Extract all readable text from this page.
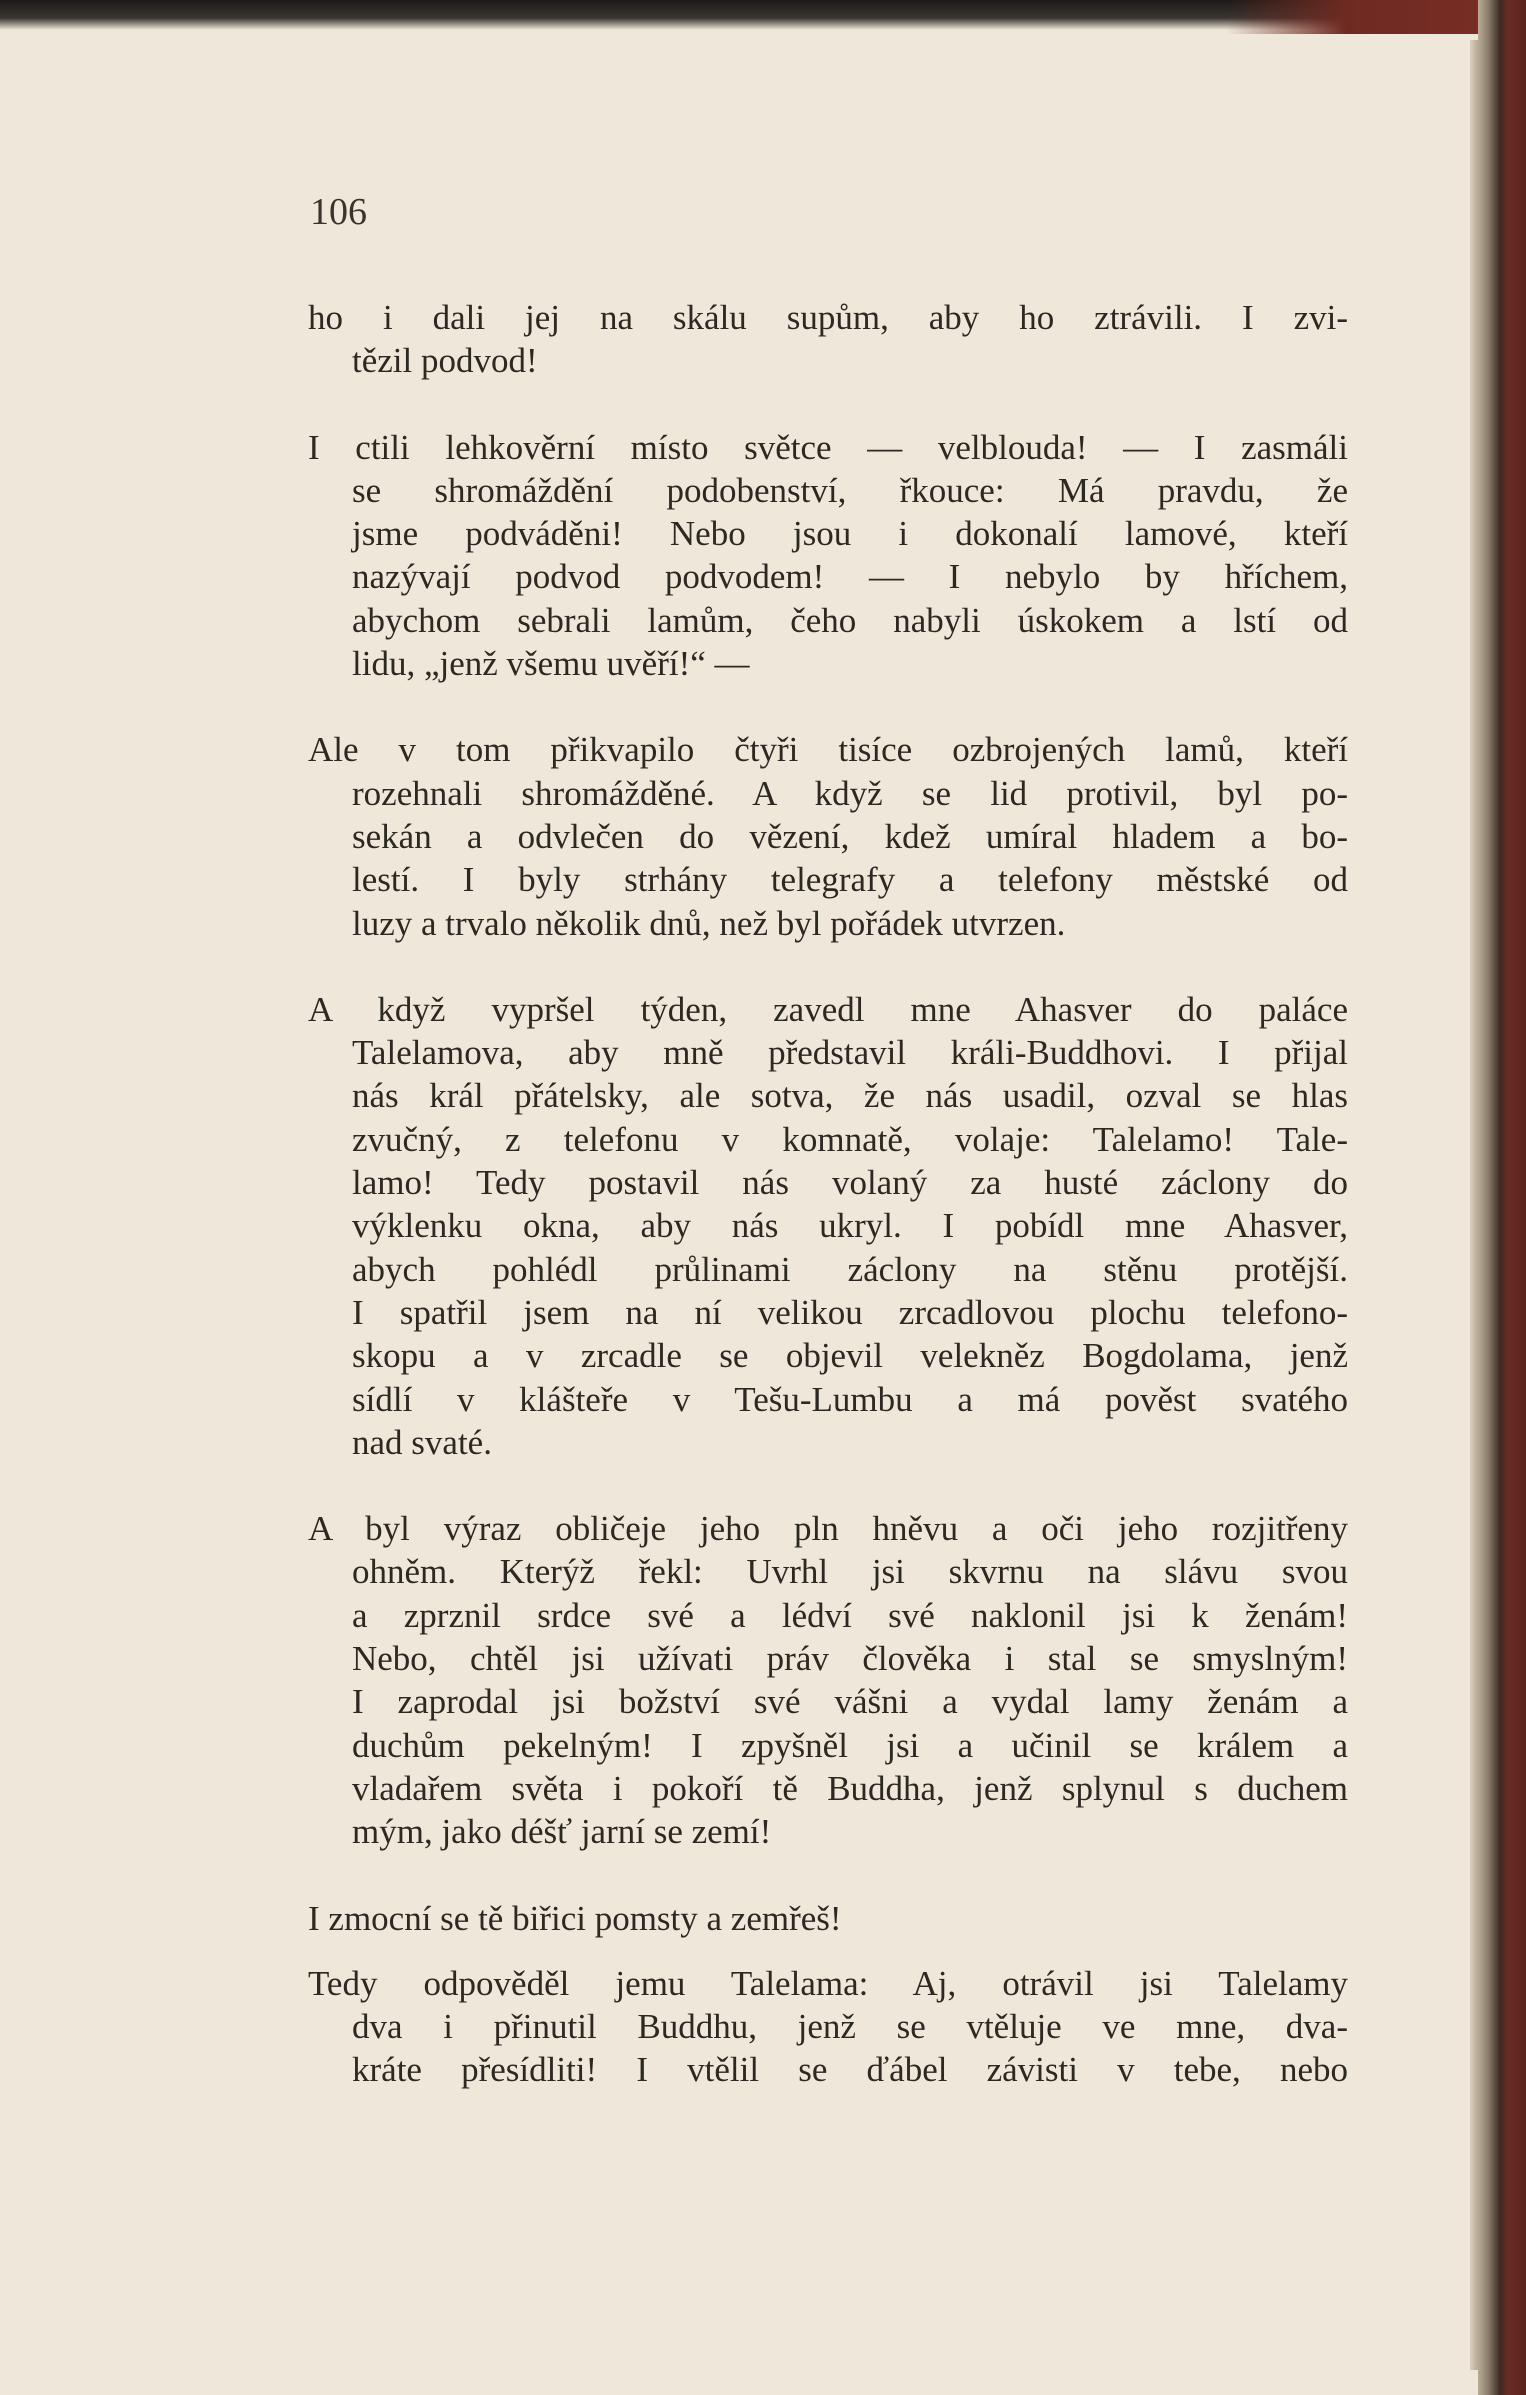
106

ho i dali jej na skálu supům, aby ho ztrávili. I zvi-
tězil podvod!

I ctili lehkověrní místo světce — velblouda! — I zasmáli
se shromáždění podobenství, řkouce: Má pravdu, že
jsme podváděni! Nebo jsou i dokonalí lamové, kteří
nazývají podvod podvodem! — I nebylo by hříchem,
abychom sebrali lamům, čeho nabyli úskokem a lstí od
lidu, „jenž všemu uvěří!“ —

Ale v tom přikvapilo čtyři tisíce ozbrojených lamů, kteří
rozehnali shromážděné. A když se lid protivil, byl po-
sekán a odvlečen do vězení, kdež umíral hladem a bo-
lestí. I byly strhány telegrafy a telefony městské od
luzy a trvalo několik dnů, než byl pořádek utvrzen.

A když vypršel týden, zavedl mne Ahasver do paláce
Talelamova, aby mně představil králi-Buddhovi. I přijal
nás král přátelsky, ale sotva, že nás usadil, ozval se hlas
zvučný, z telefonu v komnatě, volaje: Talelamo! Tale-
lamo! Tedy postavil nás volaný za husté záclony do
výklenku okna, aby nás ukryl. I pobídl mne Ahasver,
abych pohlédl průlinami záclony na stěnu protější.
I spatřil jsem na ní velikou zrcadlovou plochu telefono-
skopu a v zrcadle se objevil velekněz Bogdolama, jenž
sídlí v klášteře v Tešu-Lumbu a má pověst svatého
nad svaté.

A byl výraz obličeje jeho pln hněvu a oči jeho rozjitřeny
ohněm. Kterýž řekl: Uvrhl jsi skvrnu na slávu svou
a zprznil srdce své a lédví své naklonil jsi k ženám!
Nebo, chtěl jsi užívati práv člověka i stal se smyslným!
I zaprodal jsi božství své vášni a vydal lamy ženám a
duchům pekelným! I zpyšněl jsi a učinil se králem a
vladařem světa i pokoří tě Buddha, jenž splynul s duchem
mým, jako déšť jarní se zemí!

I zmocní se tě biřici pomsty a zemřeš!

Tedy odpověděl jemu Talelama: Aj, otrávil jsi Talelamy
dva i přinutil Buddhu, jenž se vtěluje ve mne, dva-
kráte přesídliti! I vtělil se ďábel závisti v tebe, nebo
